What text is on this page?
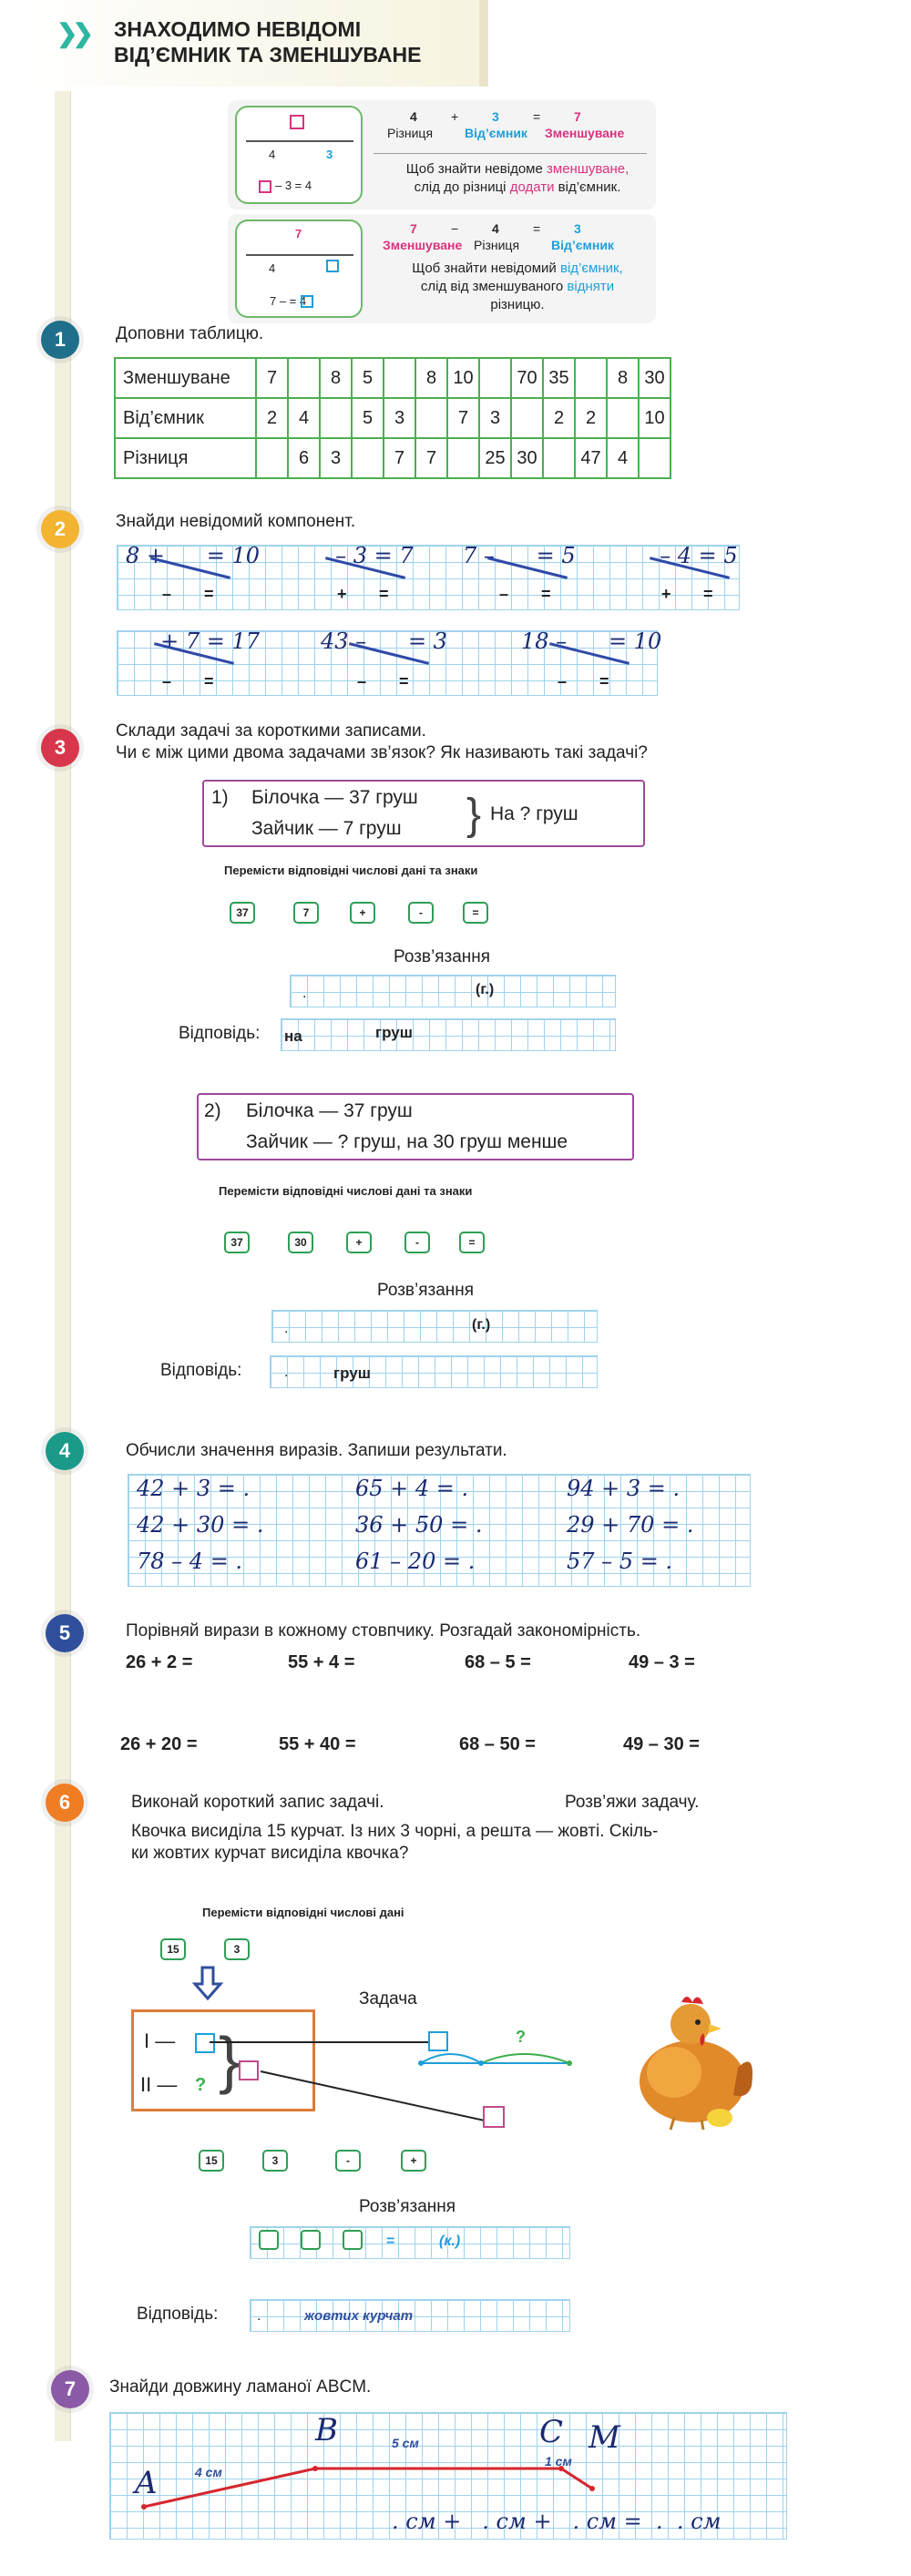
❯❯ ЗНАХОДИМО НЕВІДОМІ
ВІД’ЄМНИК ТА ЗМЕНШУВАНЕ
4	3
– 3 = 4
4	+	3	=	7
Різниця Від’ємник Зменшуване
Щоб знайти невідоме зменшуване,
слід до різниці додати від’ємник.
7
4
7 – = 4
7	−	4	=	3
Зменшуване Різниця Від’ємник
Щоб знайти невідомий від’ємник,
слід від зменшуваного відняти
різницю.
1	Доповни таблицю.
Зменшуване	7		8	5		8	10		70	35		8	30
Від’ємник	2	4		5	3		7	3		2	2		10
Різниця		6	3		7	7		25	30		47	4	
2	Знайди невідомий компонент.
8 +      = 10
– =
– 3 = 7
+ =
7 –      = 5
– =
– 4 = 5
+ =
+ 7 = 17
– =
43 –      = 3
– =
18 –      = 10
– =
3
Склади задачі за короткими записами.
Чи є між цими двома задачами зв’язок? Як називають такі задачі?
1) Білочка — 37 груш
Зайчик — 7 груш } На ? груш
Перемісти відповідні числові дані та знаки
37	7	+	-	=
Розв’язання
.	(г.)
Відповідь: на	груш
2) Білочка — 37 груш
Зайчик — ? груш, на 30 груш менше
Перемісти відповідні числові дані та знаки
37	30	+	-	=
Розв’язання
.	(г.)
Відповідь:	.	груш
4	Обчисли значення виразів. Запиши результати.
42 + 3 = .
42 + 30 = .
78 – 4 = .
65 + 4 = .
36 + 50 = .
61 – 20 = .
94 + 3 = .
29 + 70 = .
57 – 5 = .
5	Порівняй вирази в кожному стовпчику. Розгадай закономірність.
26 + 2 =	55 + 4 =	68 – 5 =	49 – 3 =
26 + 20 =	55 + 40 =	68 – 50 =	49 – 30 =
6	Виконай короткий запис задачі.	Розв’яжи задачу.
Квочка висиділа 15 курчат. Із них 3 чорні, а решта — жовті. Скіль-
ки жовтих курчат висиділа квочка?
Перемісти відповідні числові дані
15	3
Задача
І —
ІІ — ? }	?
15	3	-	+
Розв’язання
=	(к.)
Відповідь:	.	жовтих курчат
7	Знайди довжину ламаної ABCM.
A
B	C M
4 см
5 см
1 см
. см +   . см +   . см =  .  . см
